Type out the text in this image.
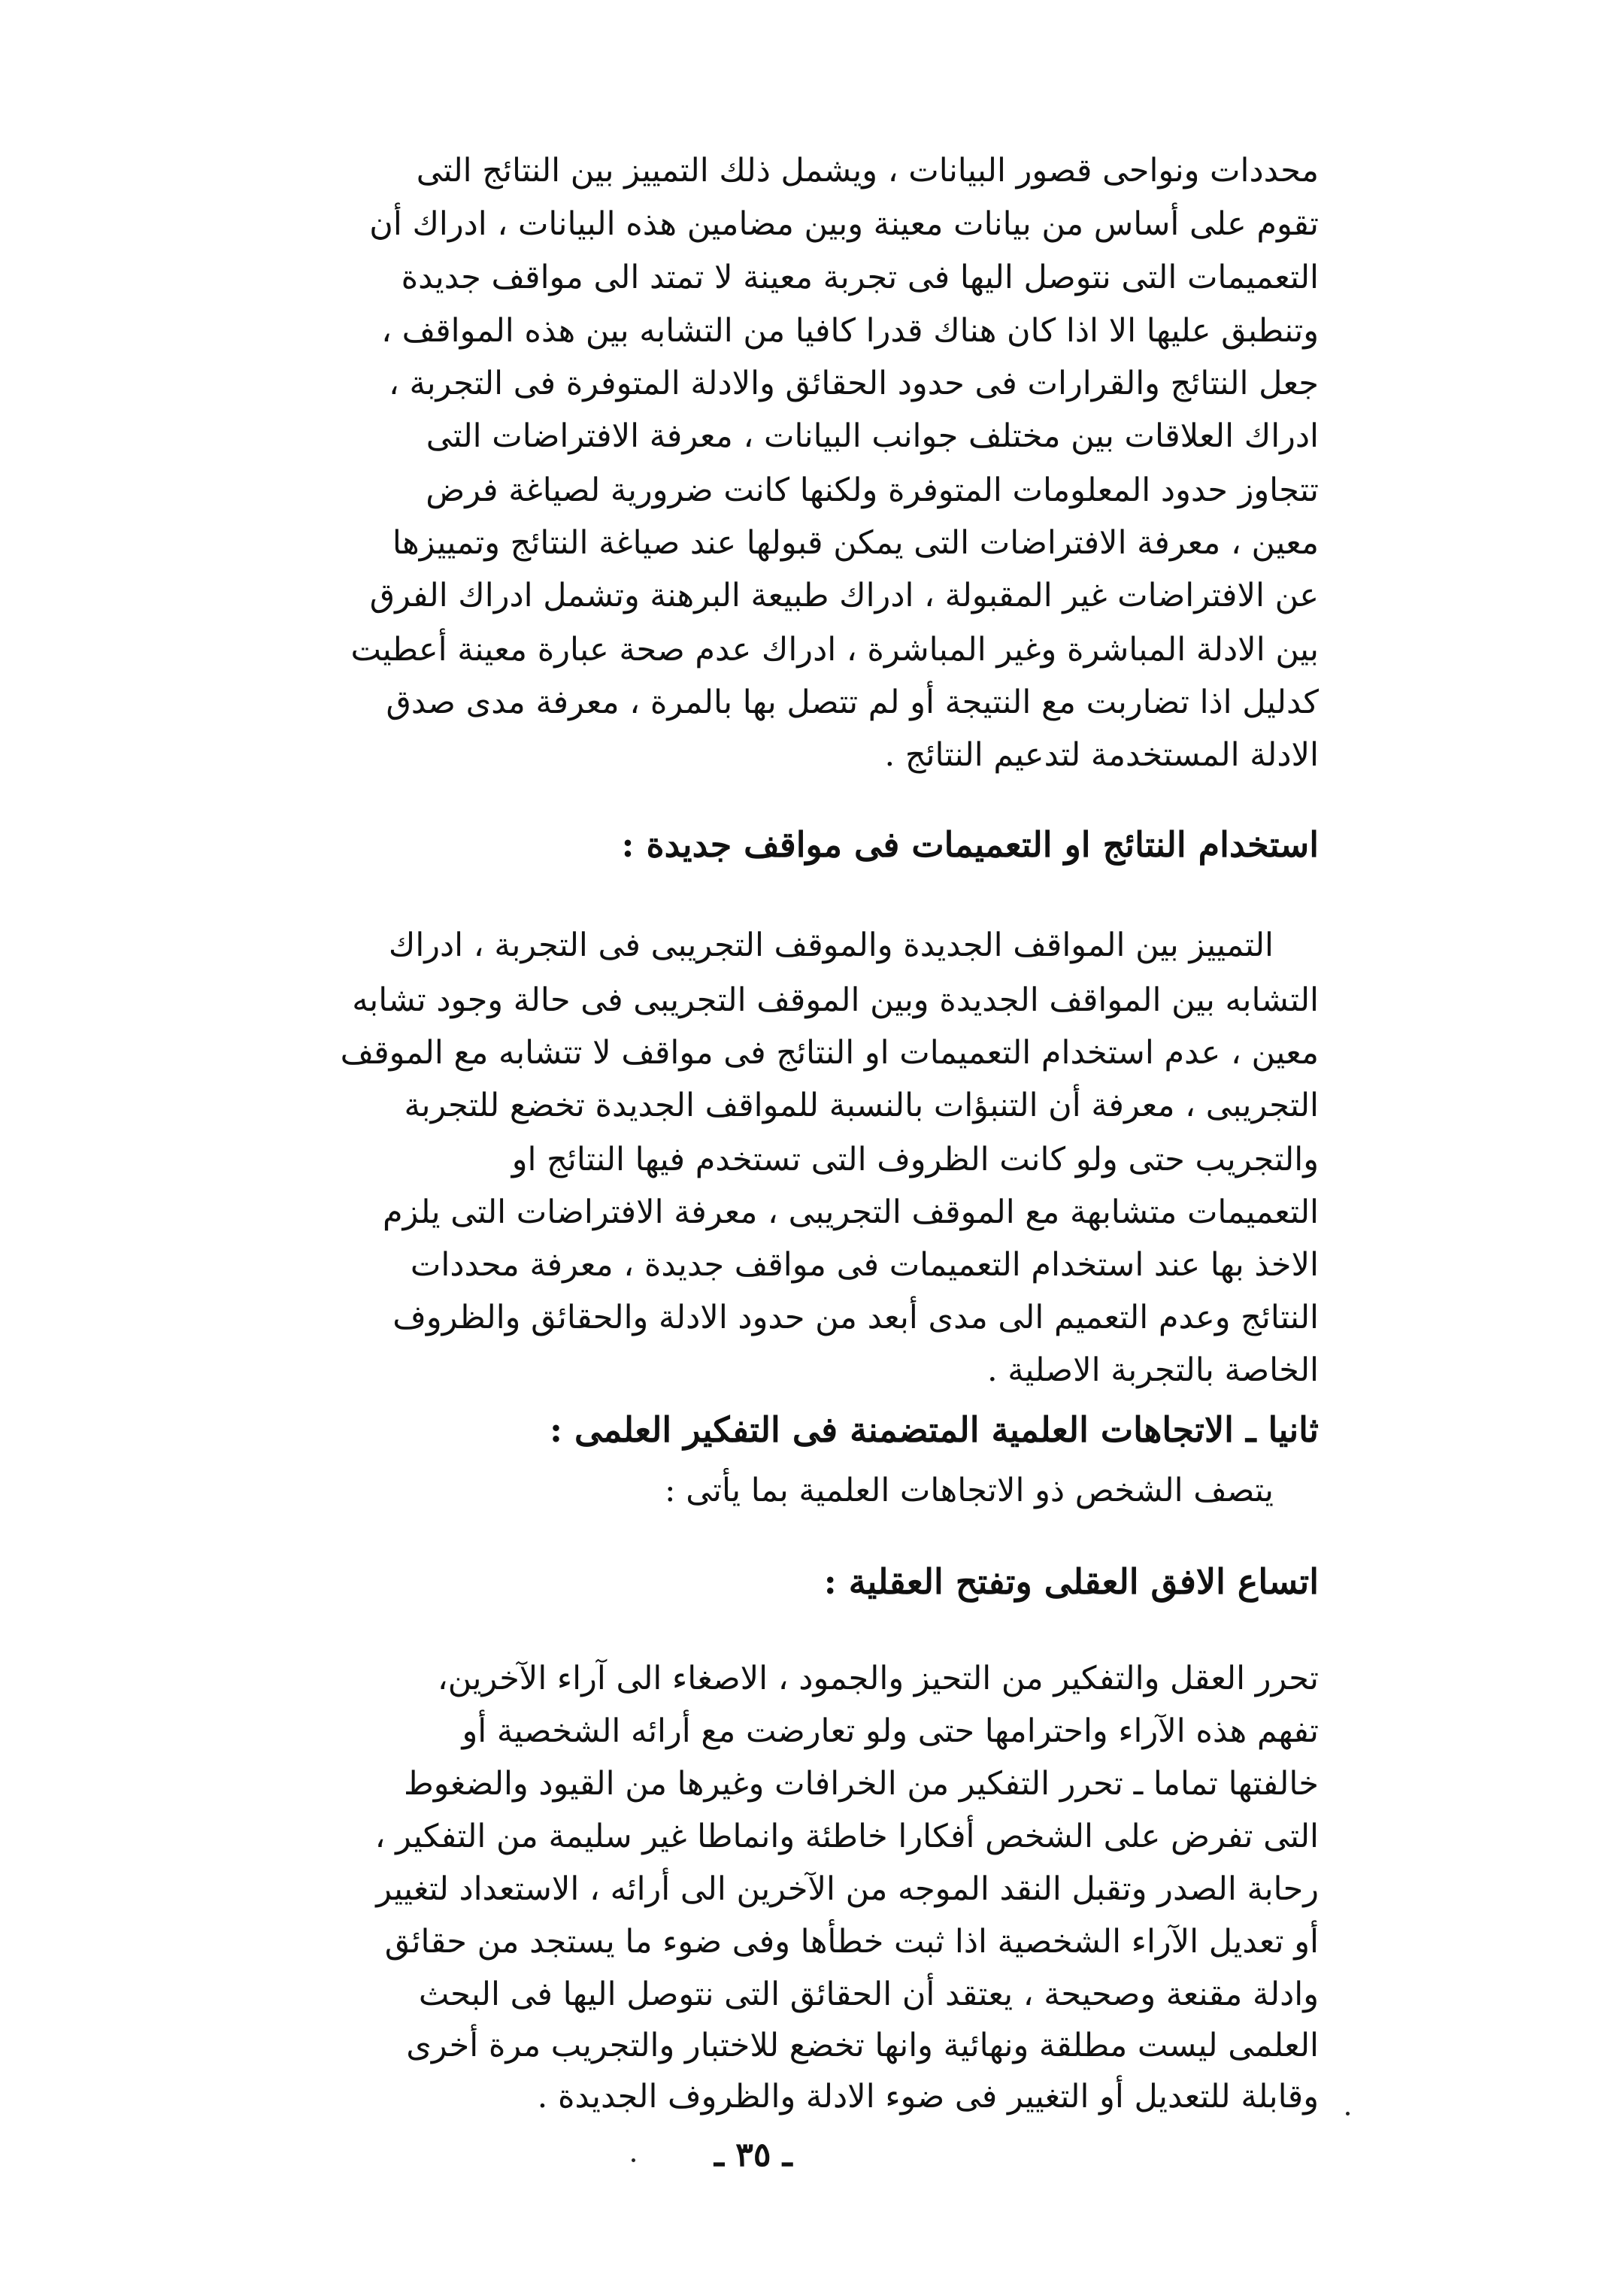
محددات ونواحى قصور البيانات ، ويشمل ذلك التمييز بين النتائج التى
تقوم على أساس من بيانات معينة وبين مضامين هذه البيانات ، ادراك أن
التعميمات التى نتوصل اليها فى تجربة معينة لا تمتد الى مواقف جديدة
وتنطبق عليها الا اذا كان هناك قدرا كافيا من التشابه بين هذه المواقف ،
جعل النتائج والقرارات فى حدود الحقائق والادلة المتوفرة فى التجربة ،
ادراك العلاقات بين مختلف جوانب البيانات ، معرفة الافتراضات التى
تتجاوز حدود المعلومات المتوفرة ولكنها كانت ضرورية لصياغة فرض
معين ، معرفة الافتراضات التى يمكن قبولها عند صياغة النتائج وتمييزها
عن الافتراضات غير المقبولة ، ادراك طبيعة البرهنة وتشمل ادراك الفرق
بين الادلة المباشرة وغير المباشرة ، ادراك عدم صحة عبارة معينة أعطيت
كدليل اذا تضاربت مع النتيجة أو لم تتصل بها بالمرة ، معرفة مدى صدق
الادلة المستخدمة لتدعيم النتائج .
استخدام النتائج او التعميمات فى مواقف جديدة :
التمييز بين المواقف الجديدة والموقف التجريبى فى التجربة ، ادراك
التشابه بين المواقف الجديدة وبين الموقف التجريبى فى حالة وجود تشابه
معين ، عدم استخدام التعميمات او النتائج فى مواقف لا تتشابه مع الموقف
التجريبى ، معرفة أن التنبؤات بالنسبة للمواقف الجديدة تخضع للتجربة
والتجريب حتى ولو كانت الظروف التى تستخدم فيها النتائج او
التعميمات متشابهة مع الموقف التجريبى ، معرفة الافتراضات التى يلزم
الاخذ بها عند استخدام التعميمات فى مواقف جديدة ، معرفة محددات
النتائج وعدم التعميم الى مدى أبعد من حدود الادلة والحقائق والظروف
الخاصة بالتجربة الاصلية .
ثانيا ـ الاتجاهات العلمية المتضمنة فى التفكير العلمى :
يتصف الشخص ذو الاتجاهات العلمية بما يأتى :
اتساع الافق العقلى وتفتح العقلية :
تحرر العقل والتفكير من التحيز والجمود ، الاصغاء الى آراء الآخرين،
تفهم هذه الآراء واحترامها حتى ولو تعارضت مع أرائه الشخصية أو
خالفتها تماما ـ تحرر التفكير من الخرافات وغيرها من القيود والضغوط
التى تفرض على الشخص أفكارا خاطئة وانماطا غير سليمة من التفكير ،
رحابة الصدر وتقبل النقد الموجه من الآخرين الى أرائه ، الاستعداد لتغيير
أو تعديل الآراء الشخصية اذا ثبت خطأها وفى ضوء ما يستجد من حقائق
وادلة مقنعة وصحيحة ، يعتقد أن الحقائق التى نتوصل اليها فى البحث
العلمى ليست مطلقة ونهائية وانها تخضع للاختبار والتجريب مرة أخرى
وقابلة للتعديل أو التغيير فى ضوء الادلة والظروف الجديدة .
ـ ٣٥ ـ
